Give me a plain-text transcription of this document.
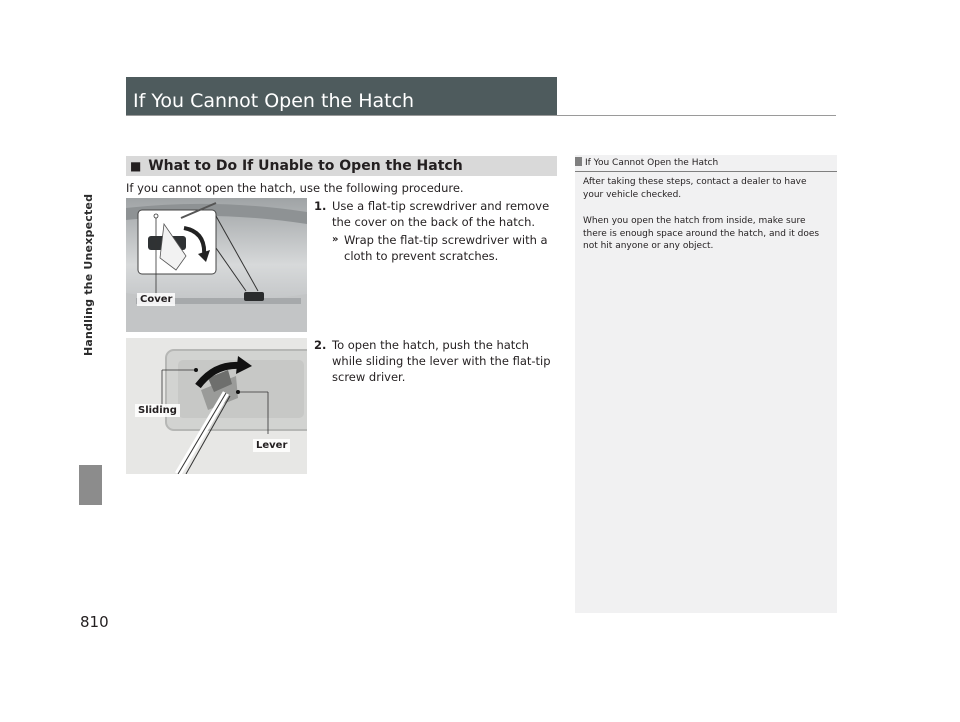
Handling the Unexpected
810
If You Cannot Open the Hatch
■ What to Do If Unable to Open the Hatch
If you cannot open the hatch, use the following procedure.
Cover
Sliding
Lever
1. Use a flat-tip screwdriver and remove the cover on the back of the hatch.
» Wrap the flat-tip screwdriver with a cloth to prevent scratches.
2. To open the hatch, push the hatch while sliding the lever with the flat-tip screw driver.
If You Cannot Open the Hatch
After taking these steps, contact a dealer to have your vehicle checked.
When you open the hatch from inside, make sure there is enough space around the hatch, and it does not hit anyone or any object.
